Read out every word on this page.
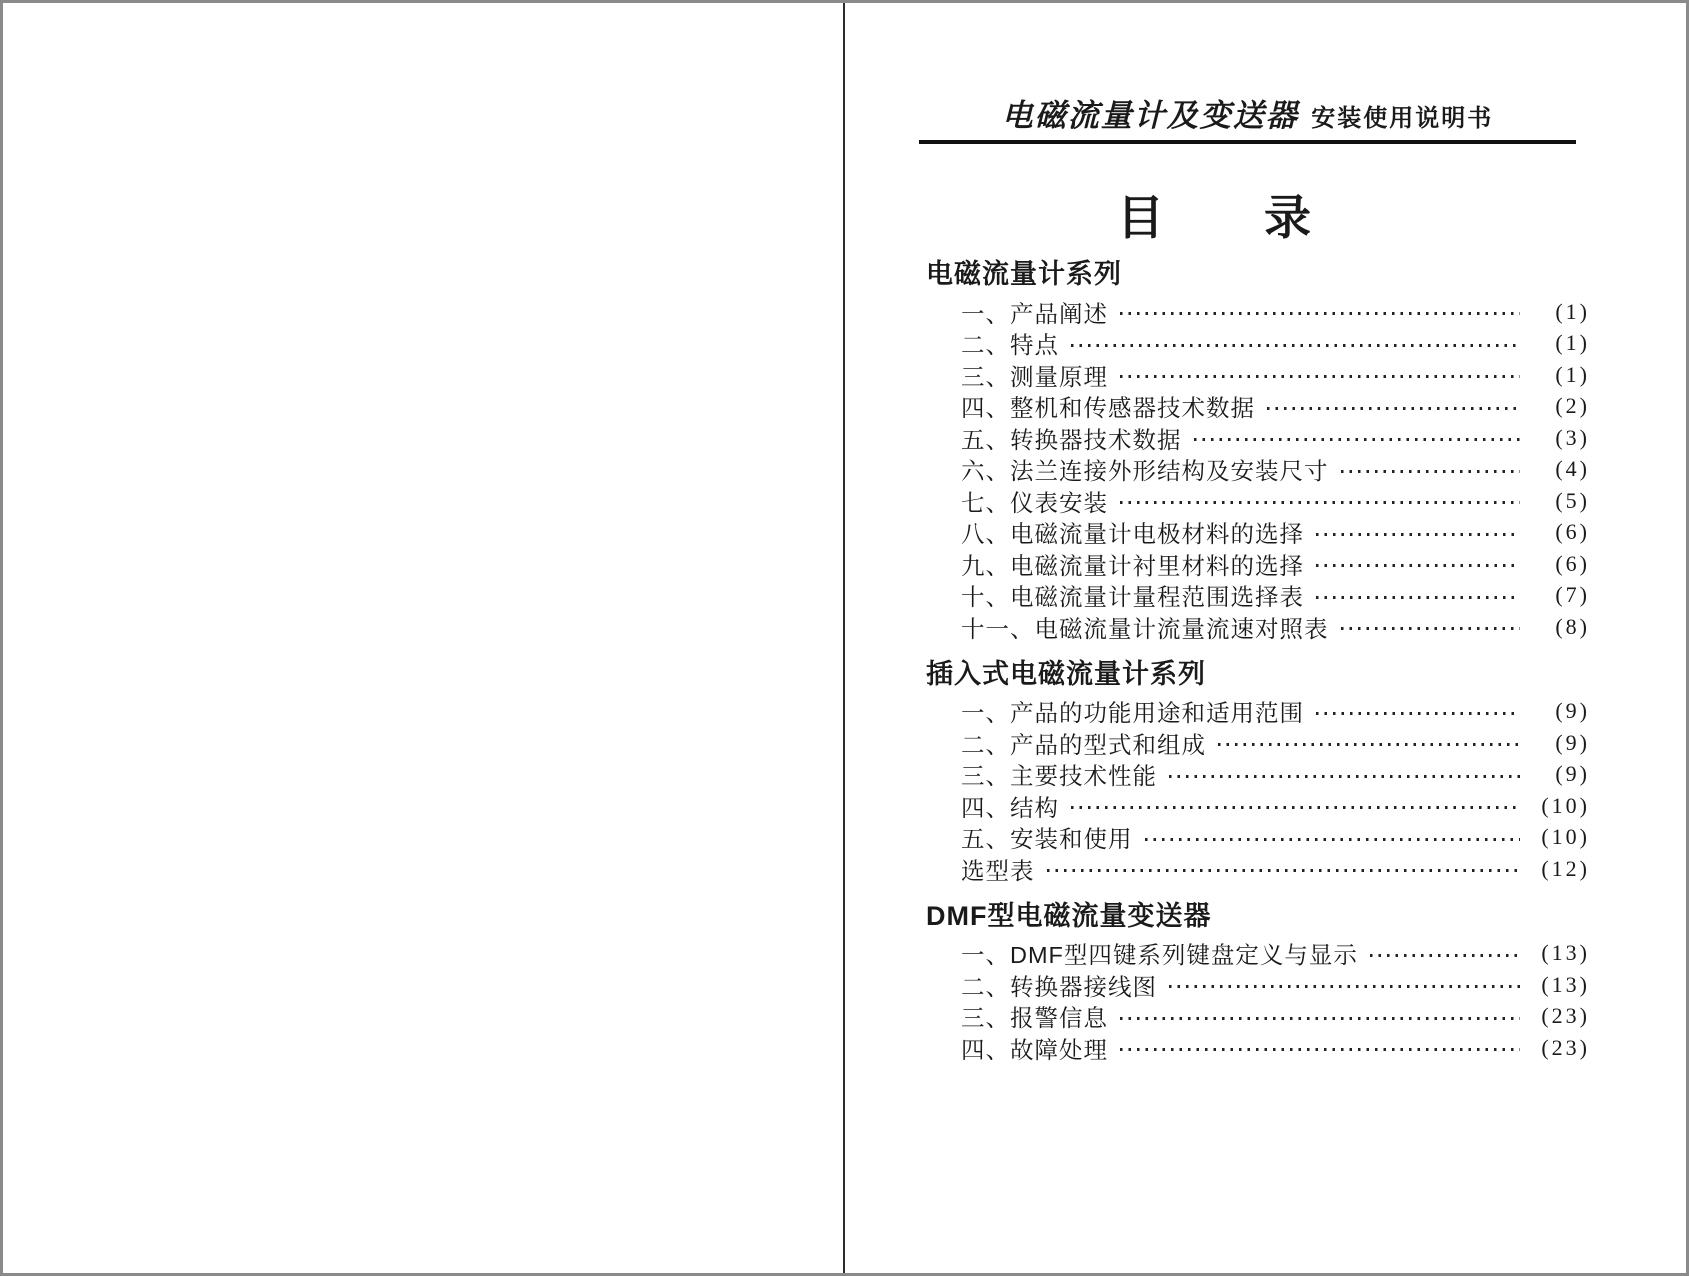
电磁流量计及变送器 安装使用说明书
目　　录
电磁流量计系列
一、产品阐述	(1)
二、特点	(1)
三、测量原理	(1)
四、整机和传感器技术数据	(2)
五、转换器技术数据	(3)
六、法兰连接外形结构及安装尺寸	(4)
七、仪表安装	(5)
八、电磁流量计电极材料的选择	(6)
九、电磁流量计衬里材料的选择	(6)
十、电磁流量计量程范围选择表	(7)
十一、电磁流量计流量流速对照表	(8)
插入式电磁流量计系列
一、产品的功能用途和适用范围	(9)
二、产品的型式和组成	(9)
三、主要技术性能	(9)
四、结构	(10)
五、安装和使用	(10)
选型表	(12)
DMF型电磁流量变送器
一、DMF型四键系列键盘定义与显示	(13)
二、转换器接线图	(13)
三、报警信息	(23)
四、故障处理	(23)
